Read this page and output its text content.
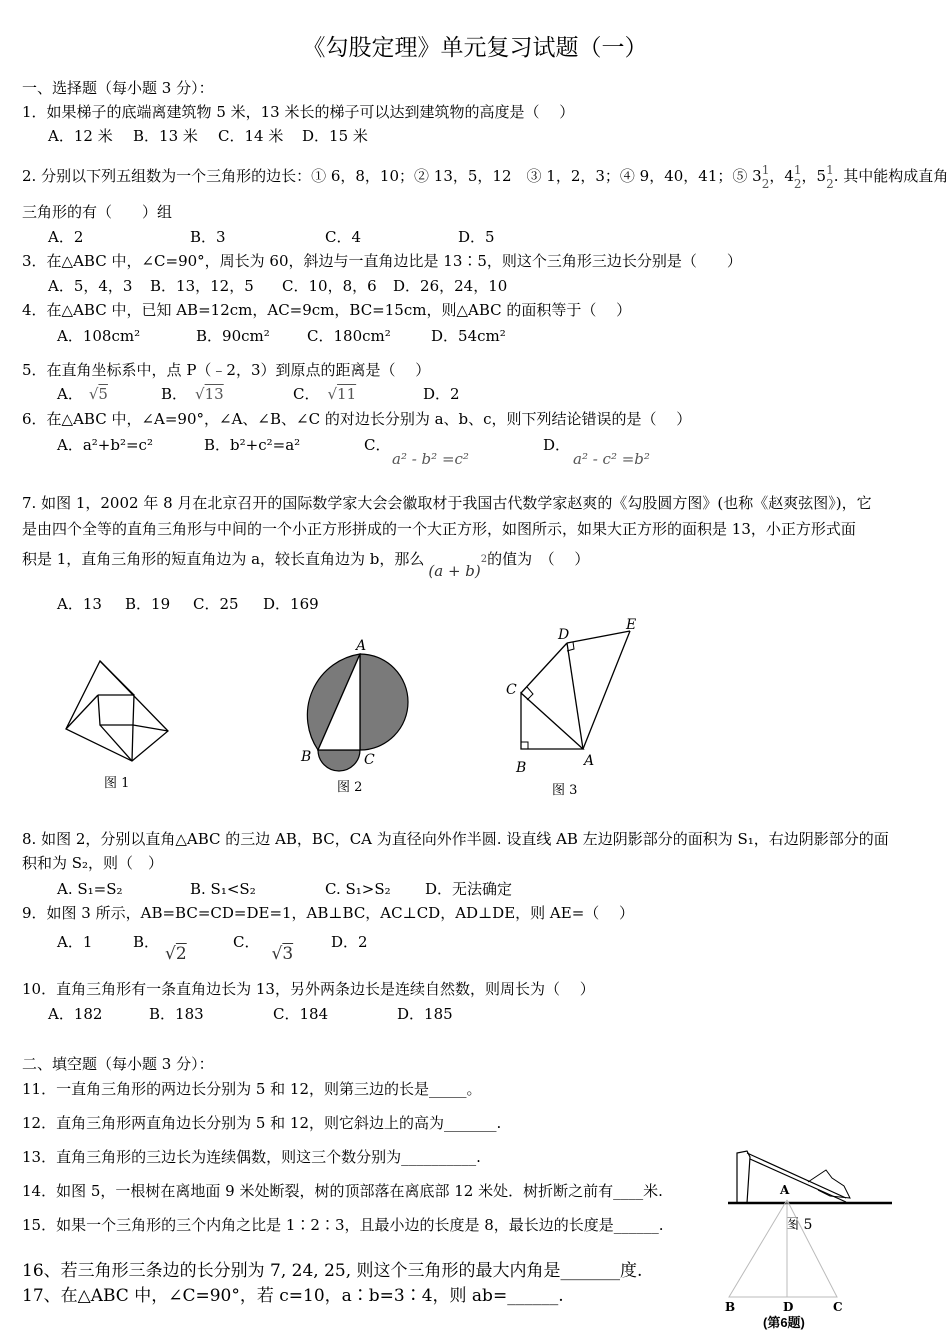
《勾股定理》单元复习试题（一）
一、选择题（每小题 3 分）：
1．如果梯子的底端离建筑物 5 米，13 米长的梯子可以达到建筑物的高度是（　 ）
A．12 米 B．13 米 C．14 米 D．15 米
2. 分别以下列五组数为一个三角形的边长：① 6，8，10；② 13，5，12　③ 1，2，3；④ 9，40，41；⑤ 31
2，41
2，51
2. 其中能构成直角
三角形的有（　　）组
A．2	B．3	C．4	D．5
3．在△ABC 中，∠C=90°，周长为 60，斜边与一直角边比是 13∶5，则这个三角形三边长分别是（　　）
A．5，4，3 B．13，12，5 C．10，8，6 D．26，24，10
4．在△ABC 中，已知 AB=12cm，AC=9cm，BC=15cm，则△ABC 的面积等于（　 ）
A．108cm²	B．90cm² C．180cm²	D．54cm²
5．在直角坐标系中，点 P（﹣2，3）到原点的距离是（　 ）
A． √5	B． √13	C． √11	D．2
6．在△ABC 中，∠A=90°，∠A、∠B、∠C 的对边长分别为 a、b、c，则下列结论错误的是（　 ）
A．a²+b²=c²	B．b²+c²=a²	C．
a² - b² =c²
D．
a² - c² =b²
7. 如图 1，2002 年 8 月在北京召开的国际数学家大会会徽取材于我国古代数学家赵爽的《勾股圆方图》(也称《赵爽弦图》)，它
是由四个全等的直角三角形与中间的一个小正方形拼成的一个大正方形，如图所示，如果大正方形的面积是 13，小正方形式面
积是 1，直角三角形的短直角边为 a，较长直角边为 b，那么$(a + b)^2$的值为　（　 ）
A．13 B．19 C．25 D．169
图 1
A
B	C
图 2
D
E
C
B	A
图 3
8. 如图 2，分别以直角△ABC 的三边 AB，BC，CA 为直径向外作半圆. 设直线 AB 左边阴影部分的面积为 S₁，右边阴影部分的面
积和为 S₂，则（　）
A. S₁=S₂	B. S₁<S₂	C. S₁>S₂ D．无法确定
9．如图 3 所示，AB=BC=CD=DE=1，AB⊥BC，AC⊥CD，AD⊥DE，则 AE=（　 ）
A．1	B．√2
C．√3
D．2
10．直角三角形有一条直角边长为 13，另外两条边长是连续自然数，则周长为（　 ）
A．182	B．183	C．184	D．185
二、填空题（每小题 3 分）：
11．一直角三角形的两边长分别为 5 和 12，则第三边的长是_____。
12．直角三角形两直角边长分别为 5 和 12，则它斜边上的高为_______.
13．直角三角形的三边长为连续偶数，则这三个数分别为__________.
14．如图 5，一根树在离地面 9 米处断裂，树的顶部落在离底部 12 米处．树折断之前有____米.
15．如果一个三角形的三个内角之比是 1∶2∶3，且最小边的长度是 8，最长边的长度是______.
16、若三角形三条边的长分别为 7, 24, 25, 则这个三角形的最大内角是_______度.
17、在△ABC 中，∠C=90°，若 c=10，a∶b=3∶4，则 ab=______.
A
图 5
B	D	C
(第6题)
